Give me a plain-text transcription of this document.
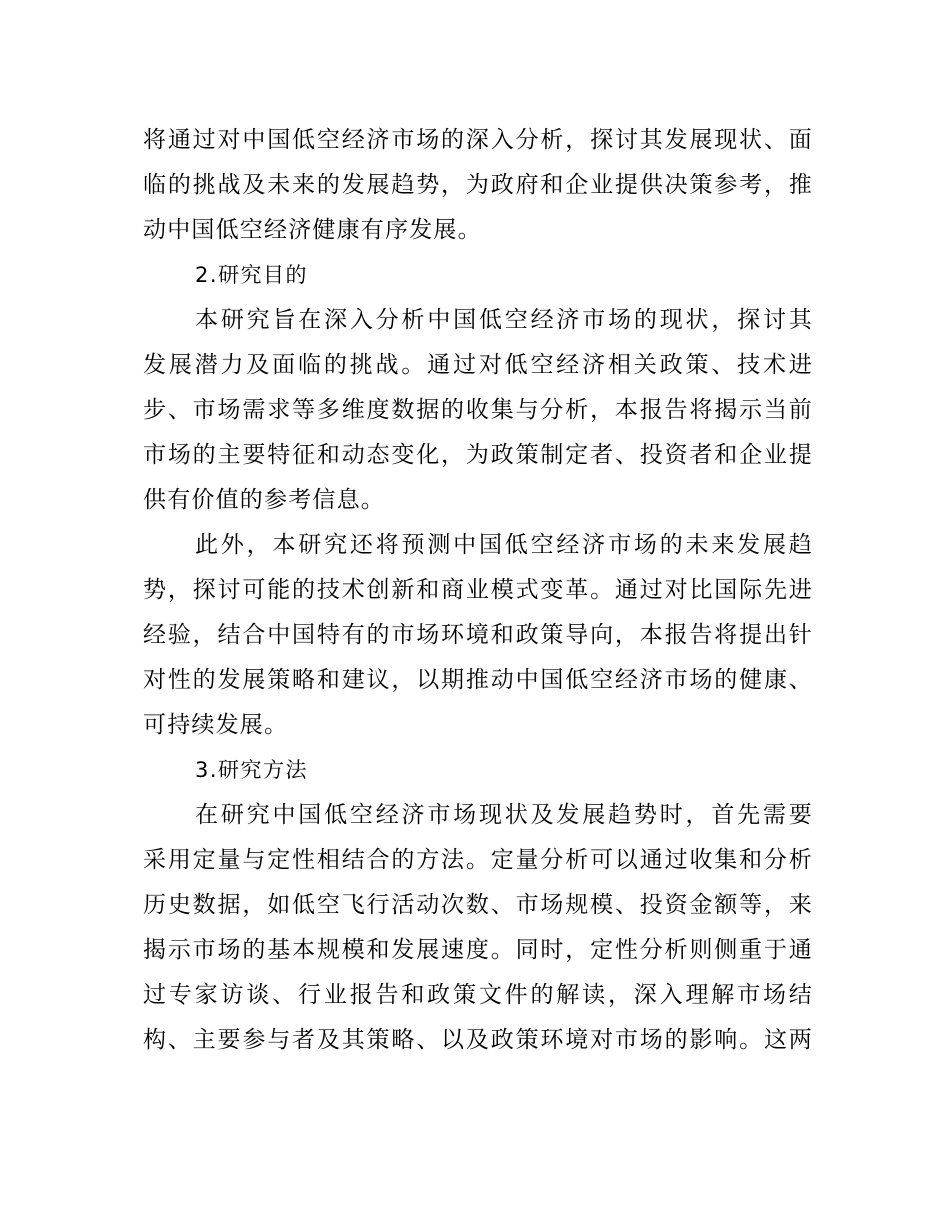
将通过对中国低空经济市场的深入分析，探讨其发展现状、面
临的挑战及未来的发展趋势，为政府和企业提供决策参考，推
动中国低空经济健康有序发展。
2.研究目的
本研究旨在深入分析中国低空经济市场的现状，探讨其
发展潜力及面临的挑战。通过对低空经济相关政策、技术进
步、市场需求等多维度数据的收集与分析，本报告将揭示当前
市场的主要特征和动态变化，为政策制定者、投资者和企业提
供有价值的参考信息。
此外，本研究还将预测中国低空经济市场的未来发展趋
势，探讨可能的技术创新和商业模式变革。通过对比国际先进
经验，结合中国特有的市场环境和政策导向，本报告将提出针
对性的发展策略和建议，以期推动中国低空经济市场的健康、
可持续发展。
3.研究方法
在研究中国低空经济市场现状及发展趋势时，首先需要
采用定量与定性相结合的方法。定量分析可以通过收集和分析
历史数据，如低空飞行活动次数、市场规模、投资金额等，来
揭示市场的基本规模和发展速度。同时，定性分析则侧重于通
过专家访谈、行业报告和政策文件的解读，深入理解市场结
构、主要参与者及其策略、以及政策环境对市场的影响。这两
